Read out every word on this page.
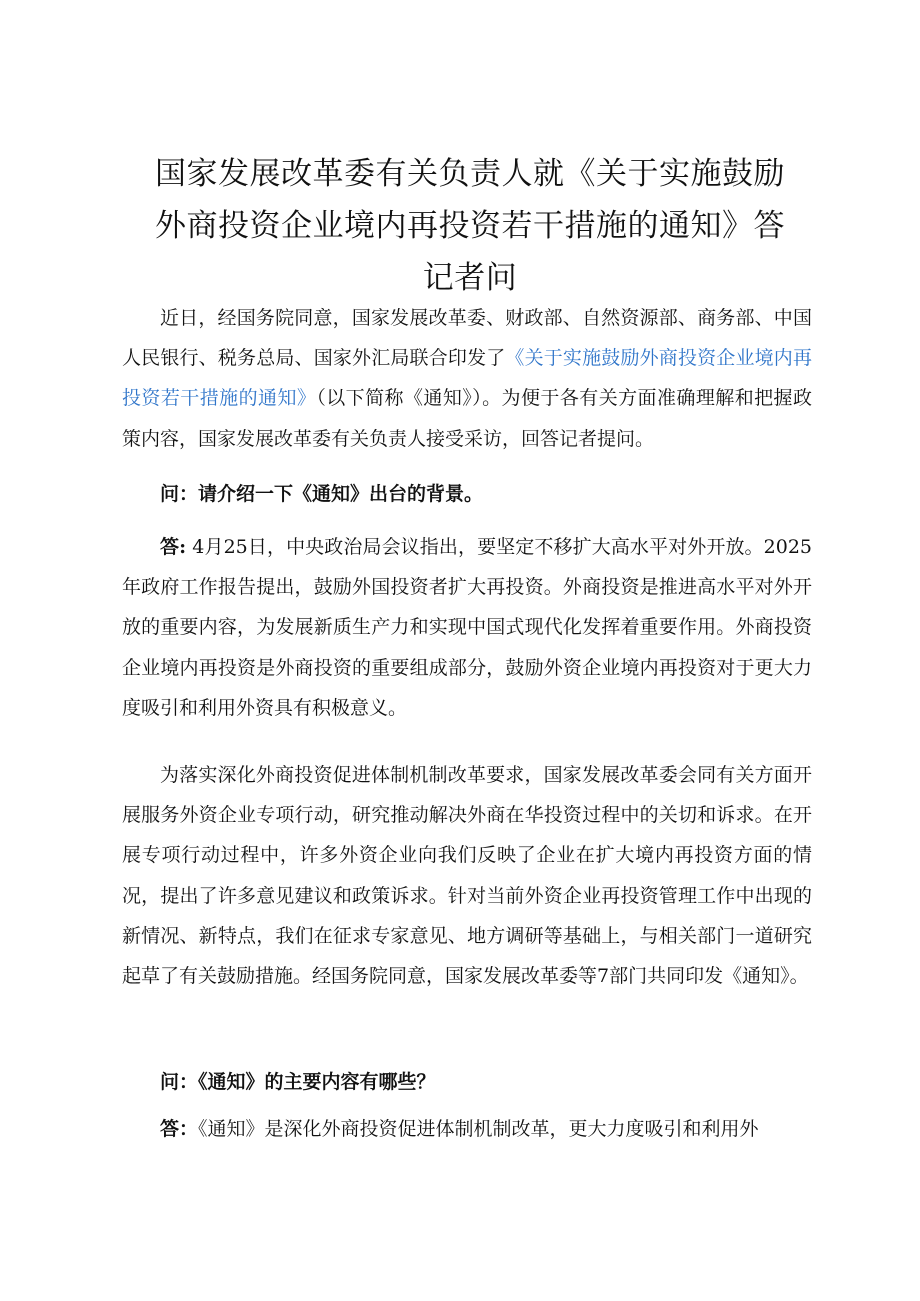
国家发展改革委有关负责人就《关于实施鼓励外商投资企业境内再投资若干措施的通知》答记者问

近日，经国务院同意，国家发展改革委、财政部、自然资源部、商务部、中国人民银行、税务总局、国家外汇局联合印发了《关于实施鼓励外商投资企业境内再投资若干措施的通知》（以下简称《通知》）。为便于各有关方面准确理解和把握政策内容，国家发展改革委有关负责人接受采访，回答记者提问。

问：请介绍一下《通知》出台的背景。

答: 4月25日，中央政治局会议指出，要坚定不移扩大高水平对外开放。2025年政府工作报告提出，鼓励外国投资者扩大再投资。外商投资是推进高水平对外开放的重要内容，为发展新质生产力和实现中国式现代化发挥着重要作用。外商投资企业境内再投资是外商投资的重要组成部分，鼓励外资企业境内再投资对于更大力度吸引和利用外资具有积极意义。

为落实深化外商投资促进体制机制改革要求，国家发展改革委会同有关方面开展服务外资企业专项行动，研究推动解决外商在华投资过程中的关切和诉求。在开展专项行动过程中，许多外资企业向我们反映了企业在扩大境内再投资方面的情况，提出了许多意见建议和政策诉求。针对当前外资企业再投资管理工作中出现的新情况、新特点，我们在征求专家意见、地方调研等基础上，与相关部门一道研究起草了有关鼓励措施。经国务院同意，国家发展改革委等7部门共同印发《通知》。

问：《通知》的主要内容有哪些？

答：《通知》是深化外商投资促进体制机制改革，更大力度吸引和利用外
